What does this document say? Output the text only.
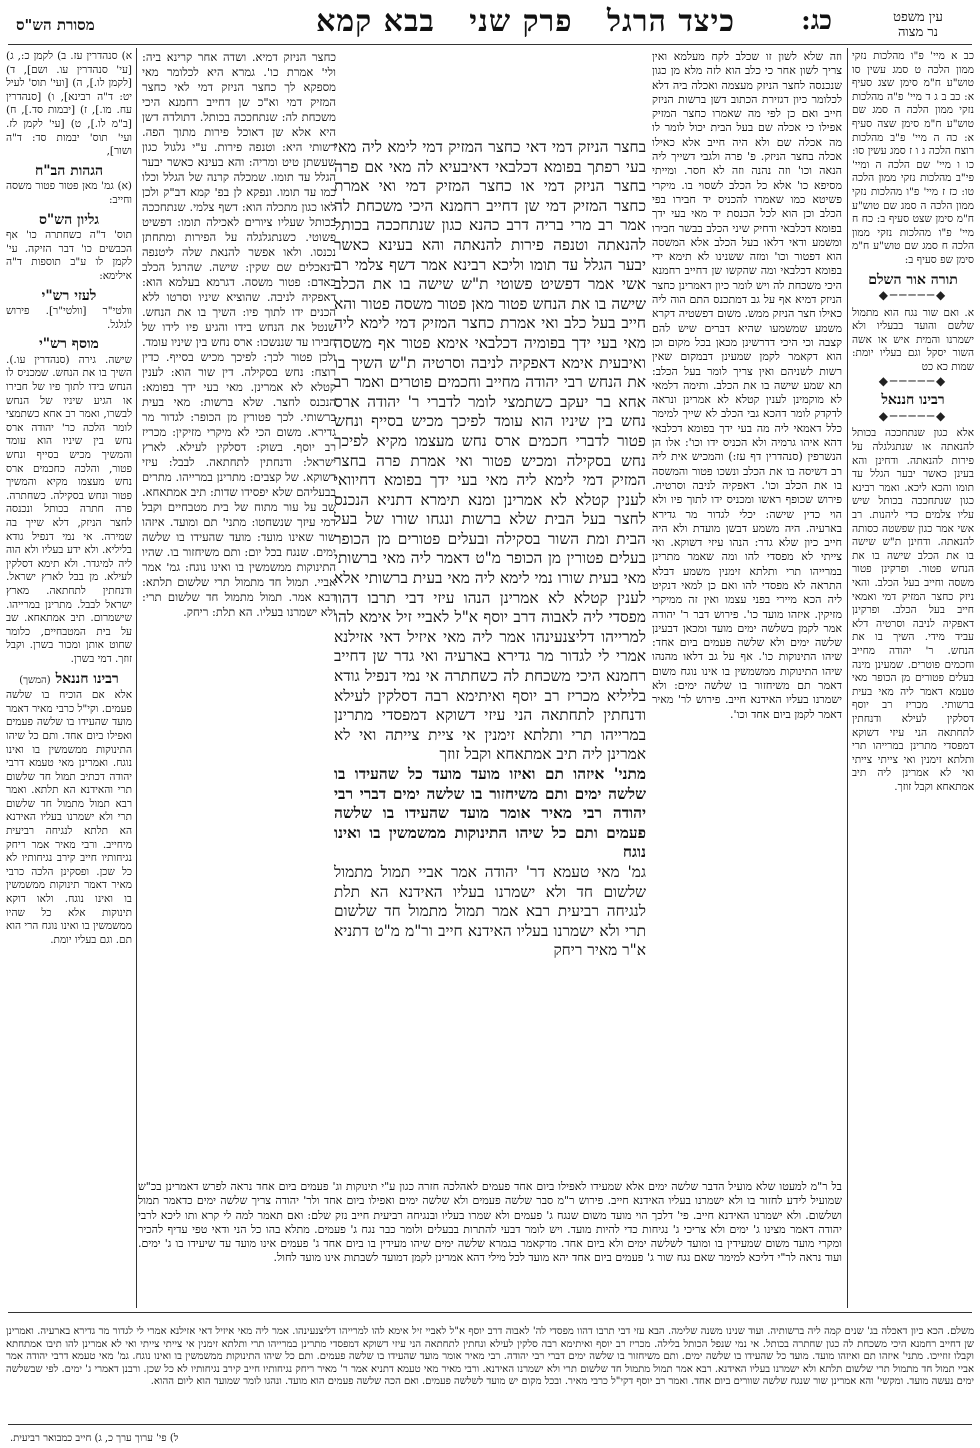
עין משפט
נר מצוה
כג:
כיצד הרגל   פרק שני   בבא קמא
מסורת הש"ס

כב א מיי' פ"ו מהלכות נזקי ממון הלכה ט סמג עשין סו טוש"ע ח"מ סימן שצג סעיף א: כב ב ג ד מיי' פ"ה מהלכות נזקי ממון הלכה ה סמג שם טוש"ע ח"מ סימן שצה סעיף א: כה ה מיי' פ"ב מהלכות רוצח הלכה ג ו ז סמג עשין סו: כו ו מיי' שם הלכה ה ומיי' פי"ב מהלכות נזקי ממון הלכה טו: כז ז מיי' פ"ו מהלכות נזקי ממון הלכה ה סמג שם טוש"ע ח"מ סימן שצט סעיף ב: כח ח מיי' פ"ו מהלכות נזקי ממון הלכה ח סמג שם טוש"ע ח"מ סימן שפ סעיף ב:

תורה אור השלם
◆─────◆

א. ואם שור נגח הוא מתמול שלשם והועד בבעליו ולא ישמרנו והמית איש או אשה השור יסקל וגם בעליו יומת: שמות כא כט

◆─────◆
רבינו חננאל
◆─────◆

אלא כגון שנתחככה בכותל להנאתה או שנתגלגלה על פירות להנאתה. ודחינן והא בעינן כאשר יבער הגלל עד תומו והכא ליכא. ואמר רבינא כגון שנתחככה בכותל שיש עליו צלמים כדי ליהנות. רב אשי אמר כגון שפשטה כסותה להנאתה. ודחינן ת"ש שישה בו את הכלב שישה בו את הנחש פטור. ופרקינן פטור משסה וחייב בעל הכלב. והאי ניזק כחצר המזיק דמי ואמאי חייב בעל הכלב. ופרקינן דאפקיה לניבה וסרטיה דלא עביד מידי. השיך בו את הנחש. ר' יהודה מחייב וחכמים פוטרים. שמעינן מינה בעלים פטורים מן הכופר מאי טעמא דאמר ליה מאי בעית ברשותי. מכריז רב יוסף דסלקין לעילא ודנחתין לתחתאה הני עיזי דשוקא דמפסדי מתרינן במרייהו תרי ותלתא זימנין ואי צייתי צייתי ואי לא אמרינן ליה תיב אמתאחא וקבל זוזך.

וזה שלא לשון זו שכלב לקח מעלמא ואין צריך לשון אחר כי כלב הוא לזה מלא מן כגון שנכנסה לחצר הניזק מעצמה ואכלה ביה דלא לכלומר כיון דגזירת הכתוב דשן ברשות הניזק חייב ואם כן לפי מה שאמרו כחצר המזיק אפילו כי אכלה שם בעל הבית יכול לומר לו מה אכלה שם ולא היה חייב אלא כאילו אכלה בחצר הניזק. פ' פרה ולגבי דשייך ליה הנאה וכו' וזה נהנה וזה לא חסר. ומייתי מסיפא כו' אלא כל הכלב לשסוי בו. מיקרי פשיטא כמו שאמרו להכניס יד חבירו בפי הכלב וכן הוא לכל הכנסת יד מאי בעי ידך בפומא דכלבאי ודחיק שיני הכלב בבשר חבירו ומשמע ודאי דלאו בעל הכלב אלא המשסה הוא דפטור וכו' ומזה ששנינו לא תימא ידי בפומא דכלבאי ומה שהקשו שן דחייב רחמנא היכי משכחת לה ויש לומר כיון דאמרינן כחצר הניזק דמיא אף על גב דמתכנס התם הוה ליה כאילו חצר הניזק ממש. משום דפשטיה דקרא משמע שמשמעו שהיא דברים שיש להם קצבה וכי היכי דדרשינן מכאן בכל מקום וכן הוא דקאמר לקמן שמעינן דבמקום שאין רשות לשניהם ואין צריך לומר בעל הכלב: תא שמע שישה בו את הכלב. ותימה דלמאי לא מוקמינן לענין קטלא לא אמרינן ונראה לדקדק לומר דהכא גבי הכלב לא שייך למימר כלל דאמאי ליה מה בעי ידך בפומא דכלבאי דהא איהו גרמיה ולא הכניס ידו וכו': אלו הן הנשרפין (סנהדרין דף עז:) והמכיש אית ליה רב דשיסה בו את הכלב ונשכו פטור והמשסה בו את הכלב וכו'. דאפקיה לניבה וסרטיה. פירוש שכופף ראשו ומכניס ידו לתוך פיו ולא הוי כדין שישה: יכלי לגדור מר גדירא בארעיה. היה משמע דבשן מועדת ולא היה חייב כיון שלא גדר: הנהו עיזי דשוקא. ואי צייתי לא מפסדי להו ומה שאמר מתרינן במרייהו תרי ותלתא זימנין משמע דבלא התראה לא מפסדי להו ואם כן למאי דנקיט ליה הכא מיירי בפני עצמו ואין זה ממיקרי מזיקין. איזהו מועד כו'. פירוש דבר ר' יהודה אמר לקמן בשלשה ימים מועד ומכאן דבעינן שלשה ימים ולא שלשה פעמים ביום אחד: שיהו התינוקות כו'. אף על גב דלאו מהנהו שיהו התינוקות ממשמשין בו אינו נוגח משום דאמר תם משיחזור בו שלשה ימים: ולא ישמרנו בעליו האידנא חייב. פירוש לר' מאיר דאמר לקמן ביום אחד וכו'.

כחצר הניזק דמיא. ושדה אחר קרינא ביה: ולי' אמרת כו'. גמרא היא לכלומר מאי מספקא לך כחצר הניזק דמי לאי כחצר המזיק דמי וא"כ שן דחייב רחמנא היכי משכחת לה: שנתחככה בכותל. דתולדה דשן היא אלא שן דאוכל פירות מתוך הפה. רשותי היא: וטנפה פירות. ע"י גלגול כגון שעשתן טיט ומריה: והא בעינא כאשר יבער הגלל עד תומו. שמכלה קרנה של הגלל וכלו כמו עד תומו. ונפקא לן בפ' קמא דב"ק ולכן לאו כגון מתכלה הוא: דשף צלמי. שנתחככה בכותל שעליו ציורים לאכילה תומו: דפשיט פשוטי. כשנתגלגלה על הפירות ומתחתן נכנסו. ולאו אפשר להנאת שלה ליטנפה דנאכלים שם שקין: שישה. שהרגל הכלב באדם: פטור משסה. דגרמא בעלמא הוא: דאפקיה לניבה. שהוציא שיניו וסרטו ללא הכנים ידו לתוך פיו: השיך בו את הנחש. שנטל את הנחש בידו והגיע פיו לידו של חבירו עד שננשכו: ארס נחש בין שיניו עומד. ולכן פטור לכך: לפיכך מכיש בסייף. כדין רוצח: נחש בסקילה. דין שור הוא: לענין קטלא לא אמרינן. מאי בעי ידך בפומא: הנכנס לחצר. שלא ברשות: מאי בעית ברשותי. לכך פטורין מן הכופר: לגדור מר גדירא. משום הכי לא מיקרי מזיקין: מכריז רב יוסף. בשוק: דסלקין לעילא. לארץ ישראל: ודנחתין לתחתאה. לבבל: עיזי דשוקא. של קצבים: מתרינן במרייהו. מתרים בבעליהם שלא יפסידו שדות: תיב אמתאחא. שב על עור מתוח של בית מטבחיים וקבל דמי עיזך שנשחטו: מתני' תם ומועד. איזהו שור שאינו מועד: מועד שהעידו בו שלשה ימים. שנגח בכל יום: ותם משיחזור בו. שהיו התינוקות ממשמשין בו ואינו נוגח: גמ' אמר אביי. תמול חד מתמול תרי שלשום תלתא: רבא אמר. תמול מתמול חד שלשום תרי: ולא ישמרנו בעליו. הא תלת: ריחק.

בחצר הניזק דמי דאי כחצר המזיק דמי לימא ליה מאי בעי רפתך בפומא דכלבאי דאיבעיא לה מאי אם פרה בחצר הניזק דמי או כחצר המזיק דמי ואי אמרת כחצר המזיק דמי שן דחייב רחמנא היכי משכחת לה אמר רב מרי בריה דרב כהנא כגון שנתחככה בכותל להנאתה וטנפה פירות להנאתה והא בעינא כאשר יבער הגלל עד תומו וליכא רבינא אמר דשף צלמי רב אשי אמר דפשיט פשוטי ת"ש שישה בו את הכלב שישה בו את הנחש פטור מאן פטור משסה פטור והא חייב בעל כלב ואי אמרת כחצר המזיק דמי לימא ליה מאי בעי ידך בפומיה דכלבאי אימא פטור אף משסה ואיבעית אימא דאפקיה לניבה וסרטיה ת"ש השיך בו את הנחש רבי יהודה מחייב וחכמים פוטרים ואמר רב אחא בר יעקב כשתמצי לומר לדברי ר' יהודה ארס נחש בין שיניו הוא עומד לפיכך מכיש בסייף ונחש פטור לדברי חכמים ארס נחש מעצמו מקיא לפיכך נחש בסקילה ומכיש פטור ואי אמרת פרה בחצר המזיק דמי לימא ליה מאי בעי ידך בפומא דחיוואי לענין קטלא לא אמרינן ומנא תימרא דתניא הנכנס לחצר בעל הבית שלא ברשות ונגחו שורו של בעל הבית ומת השור בסקילה ובעלים פטורים מן הכופר בעלים פטורין מן הכופר מ"ט דאמר ליה מאי ברשותי מאי בעית שורו נמי לימא ליה מאי בעית ברשותי אלא לענין קטלא לא אמרינן הנהו עיזי דבי תרבו דהוו מפסדי ליה לאבוה דרב יוסף א"ל לאביי זיל אימא להו למרייהו דליצנעינהו אמר ליה מאי איזיל דאי אזילנא אמרי לי לגדור מר גדירא בארעיה ואי גדר שן דחייב רחמנא היכי משכחת לה כשחתרה אי נמי דנפיל גודא בליליא מכריז רב יוסף ואיתימא רבה דסלקין לעילא ודנחתין לתחתאה הני עיזי דשוקא דמפסדי מתרינן במרייהו תרי ותלתא זימנין אי ציית צייתה ואי לא אמרינן ליה תיב אמתאחא וקבל זוזך

מתני' איזהו תם ואיזו מועד מועד כל שהעידו בו שלשה ימים ותם משיחזור בו שלשה ימים דברי רבי יהודה רבי מאיר אומר מועד שהעידו בו שלשה פעמים ותם כל שיהו התינוקות ממשמשין בו ואינו נוגח

גמ' מאי טעמא דר' יהודה אמר אביי תמול מתמול שלשום חד ולא ישמרנו בעליו האידנא הא תלת לנגיחה רביעית רבא אמר תמול מתמול חד שלשום תרי ולא ישמרנו בעליו האידנא חייב ור"מ מ"ט דתניא א"ר מאיר ריחק

א) סנהדרין עז. ב) לקמן כ:, ג) [עי' סנהדרין עו. ושם], ד) [לקמן לו.], ה) [ועי' תוס' לעיל יט: ד"ה רבינא], ו) [סנהדרין עח. מו.], ז) [יבמות סד.], ח) [ב"מ לו.], ט) [עי' לקמן לז. ועי' תוס' יבמות סד: ד"ה ושור],

הגהות הב"ח

(א) גמ' מאן פטור פטור משסה וחייב:

גליון הש"ס

תוס' ד"ה כשחתרה כו' אף הכבשים כו' דבר הזיקה. עי' לקמן לו ע"ב תוספות ד"ה אילימא:

לעזי רש"י

וולטי"ר [וולטי"ר]. פירוש לגלגל.

מוסף רש"י

שישה. גירה (סנהדרין עו.). השיך בו את הנחש. שמכניס לו הנחש בידו לתוך פיו של חבירו או הגיע שיניו של הנחש לבשרו, ואמר רב אחא כשתמצי לומר הלכה כר' יהודה ארס נחש בין שיניו הוא עומד והמשיך מכיש בסייף ונחש פטור, והלכה כחכמים ארס נחש מעצמו מקיא והמשיך פטור ונחש בסקילה. כשחתרה. פרה חתרה בכותל ונכנסה לחצר הניזק, דלא שייך בה שמירה. אי נמי דנפיל גודא בליליא. ולא ידע בעליו ולא הוה ליה למיגדר. ולא תימא דסלקין לעילא. מן בבל לארץ ישראל. ודנחתין לתחתאה. מארץ ישראל לבבל. מתרינן במרייהו. שישמרום. תיב אמתאחא. שב על בית המטבחיים, כלומר שחוט אותן ומכור בשרן. וקבל זוזך. דמי בשרן.

רבינו חננאל (המשך)

אלא אם הוכיח בו שלשה פעמים. וקי"ל כרבי מאיר דאמר מועד שהעידו בו שלשה פעמים ואפילו ביום אחד. ותם כל שיהו התינוקות ממשמשין בו ואינו נוגח. ואמרינן מאי טעמא דרבי יהודה דכתיב תמול חד שלשום תרי והאידנא הא תלתא. ואמר רבא תמול מתמול חד שלשום תרי ולא ישמרנו בעליו האידנא הא תלתא לנגיחה רביעית מיחייב. ורבי מאיר אמר ריחק נגיחותיו חייב קירב נגיחותיו לא כל שכן. ופסקינן הלכה כרבי מאיר דאמר תינוקות ממשמשין בו ואינו נוגח. ולאו דוקא תינוקות אלא כל שהיו ממשמשין בו ואינו נוגח הרי הוא תם. וגם בעליו יומת.

בל ר"מ למעטו שלא מועיל הדבר שלשה ימים אלא שמעידו לאפילו ביום אחד פעמים לאהלכה חזרה כגון ע"י תינוקות וג' פעמים ביום אחד נראה לפרש דאמרינן בכ"ש שמועיל לידע לחזור בו ולא ישמרנו בעליו האידנא חייב. פירוש ר"מ סבר שלשה פעמים ולא שלשה ימים ואפילו ביום אחד ולר' יהודה צריך שלשה ימים כדאמר תמול ושלשום. ולא ישמרנו האידנא חייב. פי' דלכך הוי מועד משום שנגח ג' פעמים ולא שמרו בעליו ובנגיחה רביעית חייב נזק שלם: ואם תאמר למה לי קרא ותו ליכא לרבי יהודה דאמר מצינו ג' ימים ולא צריכי ג' נגיחות כדי להיות מועד. ויש לומר דבעי להתרות בבעלים ולומר כבר נגח ג' פעמים. מתלא בהו כל הני ודאי טפי עדיף להכיר ומקרי מועד משום שמעידין בו ומועד לשלשה ימים ולא ביום אחד. מדקאמר בגמרא שלשה ימים שיהו מעידין בו ביום אחד ג' פעמים אינו מועד עד שיעידו בו ג' ימים. ועוד נראה לר"י דליכא למימר שאם נגח שור ג' פעמים ביום אחד יהא מועד לכל מילי דהא אמרינן לקמן דמועד לשבתות אינו מועד לחול.

משלם. הכא כיון דאכלה בג' שנים קמה ליה ברשותיה. ועוד שנינו משנה שלימה. הבא עזי דבי תרבו דהוו מפסדי לה' לאבוה דרב יוסף א"ל לאביי זיל אימא להו למרייהו דליצנעינהו. אמר ליה מאי איזיל דאי אזילנא אמרי לי לגדור מר גדירא בארעיה. ואמרינן שן דחייב רחמנא היכי משכחת לה כגון שחתרה בכותל. אי נמי שנפל הכותל בלילה. מכריז רב יוסף ואיתימא רבה סלקין לעילא ונחתין לתחתאה הני עיזי דשוקא דמפסדי מתרינן במרייהו תרי ותלתא זימנין אי צייתי צייתי ואי לא אמרינן להו תיבו אמתחתא וקבלו זוזייכו. מתני' איזהו תם ואיזהו מועד. מועד כל שהעידו בו שלשה ימים. ותם משיחזור בו שלשה ימים דברי רבי יהודה. רבי מאיר אומר מועד שהעידו בו שלשה פעמים. ותם כל שיהו התינוקות ממשמשין בו ואינו נוגח. גמ' מאי טעמא דרבי יהודה אמר אביי תמול חד מתמול תרי שלשום תלתא ולא ישמרנו בעליו האידנא. רבא אמר תמול מתמול חד שלשום תרי ולא ישמרנו האידנא. ורבי מאיר מאי טעמא דתניא אמר ר' מאיר ריחק נגיחותיו חייב קירב נגיחותיו לא כל שכן. ורבנן דאמרי ג' ימים. לפי שבשלשה ימים נעשה מועד. ומקשי' והא אמרינן שור שנגח שלשה שוורים ביום אחד. ואמר רב יוסף דקי"ל כרבי מאיר. ובכל מקום יש מועד לשלשה פעמים. ואם הכה שלשה פעמים הוא מועד. ונהגו לומר שמועד הוא ליום ההוא.

ל) פי' ערוך ערך כ, ג) חייב כמבואר רביעית.
